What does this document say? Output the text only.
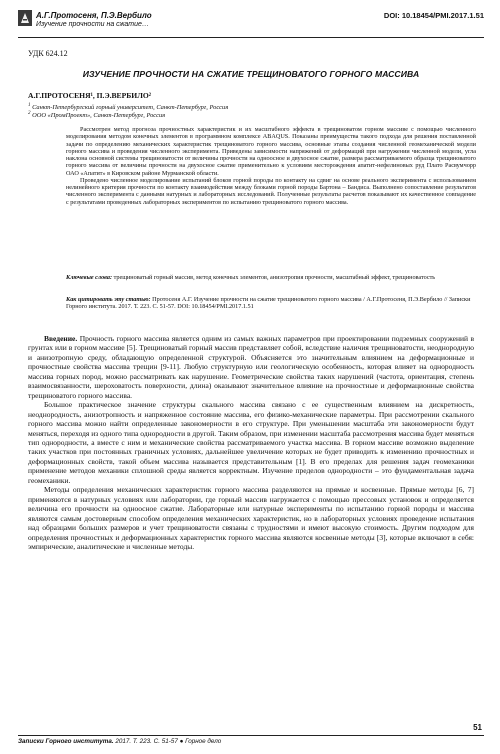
А.Г.Протосеня, П.Э.Вербило
Изучение прочности на сжатие…
DOI: 10.18454/PMI.2017.1.51
УДК 624.12
ИЗУЧЕНИЕ ПРОЧНОСТИ НА СЖАТИЕ ТРЕЩИНОВАТОГО ГОРНОГО МАССИВА
А.Г.ПРОТОСЕНЯ¹, П.Э.ВЕРБИЛО²
$^1$ Санкт-Петербургский горный университет, Санкт-Петербург, Россия
$^2$ ООО «ПромПроект», Санкт-Петербург, Россия

Рассмотрен метод прогноза прочностных характеристик и их масштабного эффекта в трещиноватом горном массиве с помощью численного моделирования методом конечных элементов в программном комплексе ABAQUS. Показаны преимущества такого подхода для решения поставленной задачи по определению механических характеристик трещиноватого горного массива, основные этапы создания численной геомеханической модели горного массива и проведения численного эксперимента. Приведены зависимости напряжений от деформаций при нагружении численной модели, угла наклона основной системы трещиноватости от величины прочности на одноосное и двухосное сжатие, размера рассматриваемого образца трещиноватого горного массива от величины прочности на двухосное сжатие применительно к условиям месторождения апатит-нефелиновых руд Плато Расвумчорр ОАО «Апатит» в Кировском районе Мурманской области.

Проведено численное моделирование испытаний блоков горной породы по контакту на сдвиг на основе реального эксперимента с использованием нелинейного критерия прочности по контакту взаимодействия между блоками горной породы Бартона – Бандиса. Выполнено сопоставление результатов численного эксперимента с данными натурных и лабораторных исследований. Полученные результаты расчетов показывают их качественное совпадение с результатами проведенных лабораторных экспериментов по испытанию трещиноватого горного массива.

Ключевые слова: трещиноватый горный массив, метод конечных элементов, анизотропия прочности, масштабный эффект, трещиноватость
Как цитировать эту статью: Протосеня А.Г. Изучение прочности на сжатие трещиноватого горного массива / А.Г.Протосеня, П.Э.Вербило // Записки Горного института. 2017. Т. 223. С. 51-57. DOI: 10.18454/PMI.2017.1.51

Введение. Прочность горного массива является одним из самых важных параметров при проектировании подземных сооружений в грунтах или в горном массиве [5]. Трещиноватый горный массив представляет собой, вследствие наличия трещиноватости, неоднородную и анизотропную среду, обладающую определенной структурой. Объясняется это значительным влиянием на деформационные и прочностные свойства массива трещин [9-11]. Любую структурную или геологическую особенность, которая влияет на однородность массива горных пород, можно рассматривать как нарушение. Геометрические свойства таких нарушений (частота, ориентация, степень взаимосвязанности, шероховатость поверхности, длина) оказывают значительное влияние на прочностные и деформационные свойства трещиноватого горного массива.

Большое практическое значение структуры скального массива связано с ее существенным влиянием на дискретность, неоднородность, анизотропность и напряженное состояние массива, его физико-механические параметры. При рассмотрении скального горного массива можно найти определенные закономерности в его структуре. При уменьшении масштаба эти закономерности будут меняться, переходя из одного типа однородности в другой. Таким образом, при изменении масштаба рассмотрения массива будет меняться тип однородности, а вместе с ним и механические свойства рассматриваемого участка массива. В горном массиве возможно выделение таких участков при постоянных граничных условиях, дальнейшее увеличение которых не будет приводить к изменению прочностных и деформационных свойств, такой объем массива называется представительным [1]. В его пределах для решения задач геомеханики применение методов механики сплошной среды является корректным. Изучение пределов однородности – это фундаментальная задача геомеханики.

Методы определения механических характеристик горного массива разделяются на прямые и косвенные. Прямые методы [6, 7] применяются в натурных условиях или лаборатории, где горный массив нагружается с помощью прессовых установок и определяется величина его прочности на одноосное сжатие. Лабораторные или натурные эксперименты по испытанию горной породы и массива являются самым достоверным способом определения механических характеристик, но в лабораторных условиях проведение испытания над образцами больших размеров и учет трещиноватости связаны с трудностями и имеют высокую стоимость. Другим подходом для определения прочностных и деформационных характеристик горного массива являются косвенные методы [3], которые включают в себя: эмпирические, аналитические и численные методы.

51
Записки Горного института. 2017. Т. 223. С. 51-57 ● Горное дело
